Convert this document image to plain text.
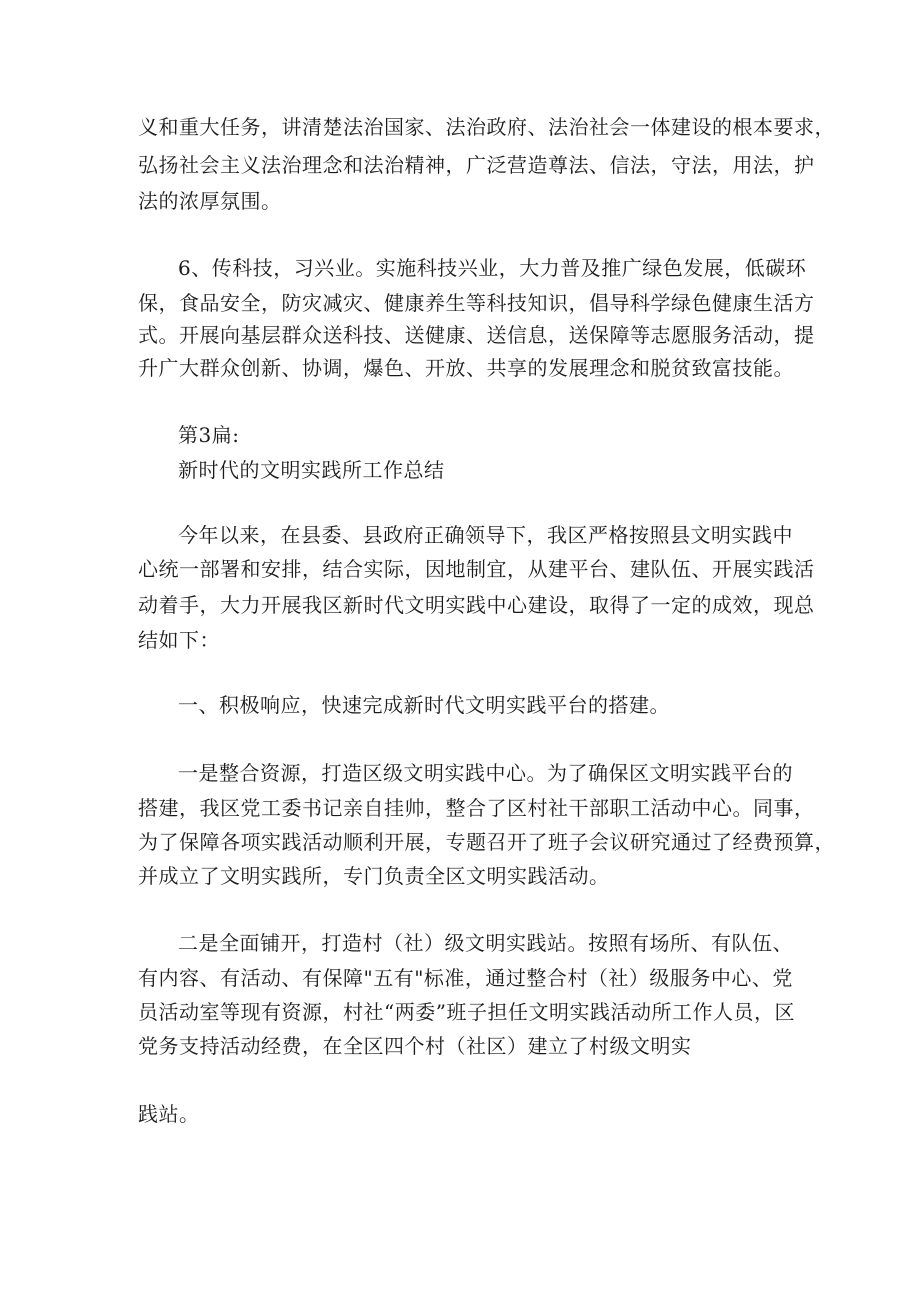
义和重大任务，讲清楚法治国家、法治政府、法治社会一体建设的根本要求，
弘扬社会主义法治理念和法治精神，广泛营造尊法、信法，守法，用法，护
法的浓厚氛围。
6、传科技，习兴业。实施科技兴业，大力普及推广绿色发展，低碳环
保，食品安全，防灾减灾、健康养生等科技知识，倡导科学绿色健康生活方
式。开展向基层群众送科技、送健康、送信息，送保障等志愿服务活动，提
升广大群众创新、协调，爆色、开放、共享的发展理念和脱贫致富技能。
第3扁:
新时代的文明实践所工作总结
今年以来，在县委、县政府正确领导下，我区严格按照县文明实践中
心统一部署和安排，结合实际，因地制宜，从建平台、建队伍、开展实践活
动着手，大力开展我区新时代文明实践中心建设，取得了一定的成效，现总
结如下：
一、积极响应，快速完成新时代文明实践平台的搭建。
一是整合资源，打造区级文明实践中心。为了确保区文明实践平台的
搭建，我区党工委书记亲自挂帅，整合了区村社干部职工活动中心。同事，
为了保障各项实践活动顺利开展，专题召开了班子会议研究通过了经费预算，
并成立了文明实践所，专门负责全区文明实践活动。
二是全面铺开，打造村（社）级文明实践站。按照有场所、有队伍、
有内容、有活动、有保障"五有"标准，通过整合村（社）级服务中心、党
员活动室等现有资源，村社“两委”班子担任文明实践活动所工作人员，区
党务支持活动经费，在全区四个村（社区）建立了村级文明实
践站。
